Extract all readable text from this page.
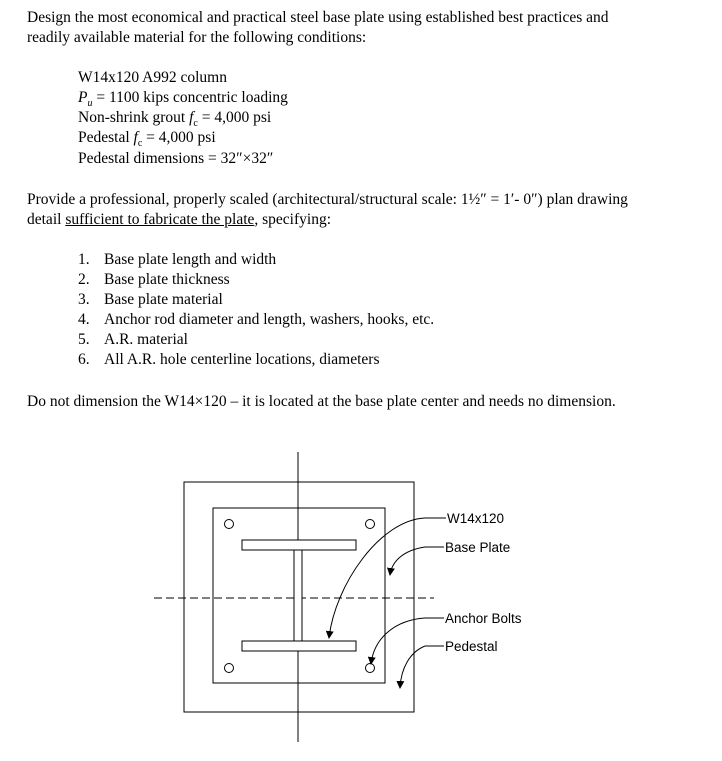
Design the most economical and practical steel base plate using established best practices and
readily available material for the following conditions:
W14x120 A992 column
$P_u = 1100$ kips concentric loading
Non-shrink grout $f_c = 4,000$ psi
Pedestal $f_c = 4,000$ psi
Pedestal dimensions = 32″×32″
Provide a professional, properly scaled (architectural/structural scale: 1½″ = 1′- 0″) plan drawing
detail sufficient to fabricate the plate, specifying:
1. Base plate length and width
2. Base plate thickness
3. Base plate material
4. Anchor rod diameter and length, washers, hooks, etc.
5. A.R. material
6. All A.R. hole centerline locations, diameters
Do not dimension the W14×120 – it is located at the base plate center and needs no dimension.
W14x120
Base Plate
Anchor Bolts
Pedestal
